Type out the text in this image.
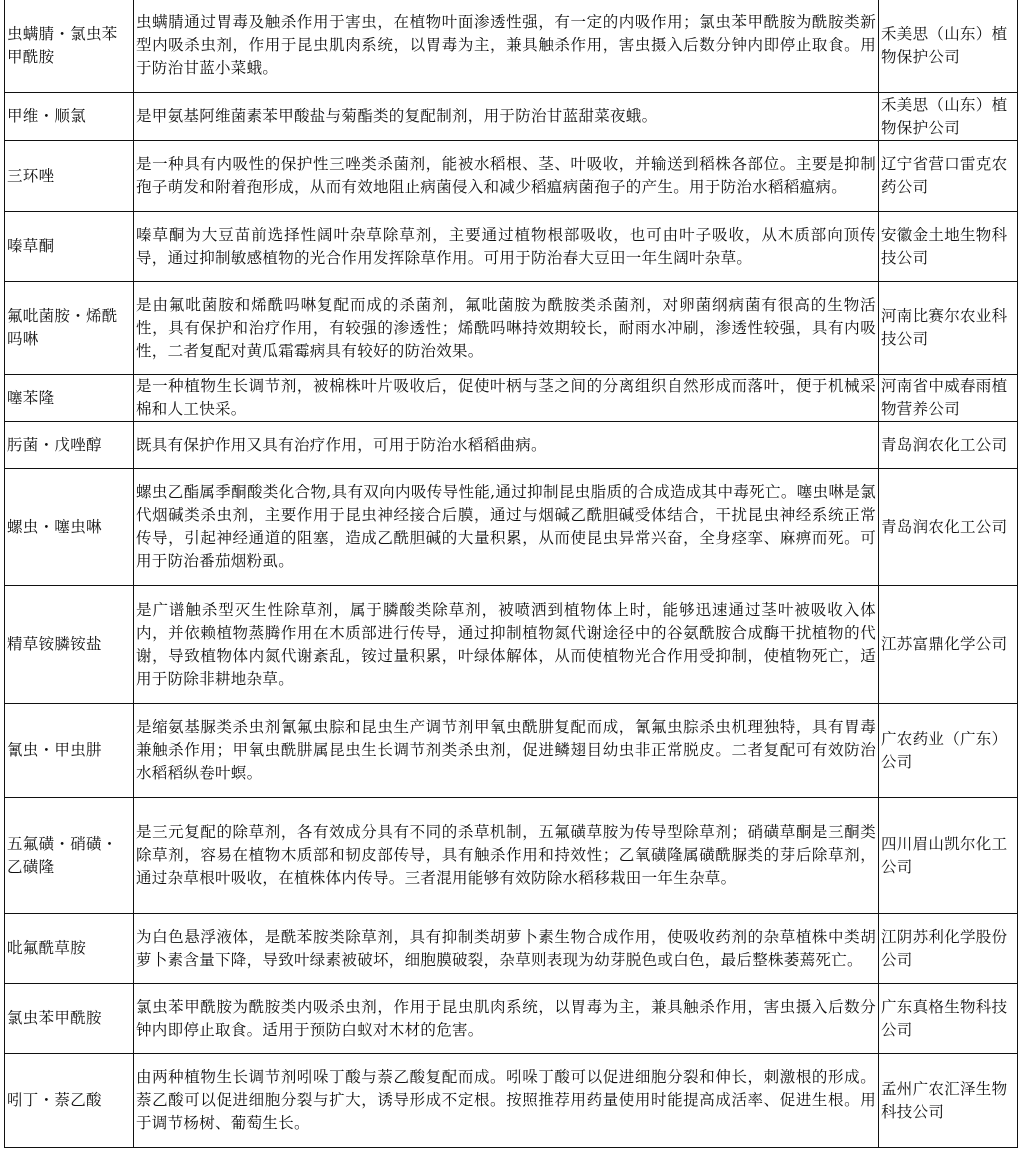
虫螨腈・氯虫苯甲酰胺	虫螨腈通过胃毒及触杀作用于害虫，在植物叶面渗透性强，有一定的内吸作用；氯虫苯甲酰胺为酰胺类新型内吸杀虫剂，作用于昆虫肌肉系统，以胃毒为主，兼具触杀作用，害虫摄入后数分钟内即停止取食。用于防治甘蓝小菜蛾。	禾美思（山东）植物保护公司
甲维・顺氯	是甲氨基阿维菌素苯甲酸盐与菊酯类的复配制剂，用于防治甘蓝甜菜夜蛾。	禾美思（山东）植物保护公司
三环唑	是一种具有内吸性的保护性三唑类杀菌剂，能被水稻根、茎、叶吸收，并输送到稻株各部位。主要是抑制孢子萌发和附着孢形成，从而有效地阻止病菌侵入和减少稻瘟病菌孢子的产生。用于防治水稻稻瘟病。	辽宁省营口雷克农药公司
嗪草酮	嗪草酮为大豆苗前选择性阔叶杂草除草剂，主要通过植物根部吸收，也可由叶子吸收，从木质部向顶传导，通过抑制敏感植物的光合作用发挥除草作用。可用于防治春大豆田一年生阔叶杂草。	安徽金土地生物科技公司
氟吡菌胺・烯酰吗啉	是由氟吡菌胺和烯酰吗啉复配而成的杀菌剂，氟吡菌胺为酰胺类杀菌剂，对卵菌纲病菌有很高的生物活性，具有保护和治疗作用，有较强的渗透性；烯酰吗啉持效期较长，耐雨水冲刷，渗透性较强，具有内吸性，二者复配对黄瓜霜霉病具有较好的防治效果。	河南比赛尔农业科技公司
噻苯隆	是一种植物生长调节剂，被棉株叶片吸收后，促使叶柄与茎之间的分离组织自然形成而落叶，便于机械采棉和人工快采。	河南省中威春雨植物营养公司
肟菌・戊唑醇	既具有保护作用又具有治疗作用，可用于防治水稻稻曲病。	青岛润农化工公司
螺虫・噻虫啉	螺虫乙酯属季酮酸类化合物,具有双向内吸传导性能,通过抑制昆虫脂质的合成造成其中毒死亡。噻虫啉是氯代烟碱类杀虫剂，主要作用于昆虫神经接合后膜，通过与烟碱乙酰胆碱受体结合，干扰昆虫神经系统正常传导，引起神经通道的阻塞，造成乙酰胆碱的大量积累，从而使昆虫异常兴奋，全身痉挛、麻痹而死。可用于防治番茄烟粉虱。	青岛润农化工公司
精草铵膦铵盐	是广谱触杀型灭生性除草剂，属于膦酸类除草剂，被喷洒到植物体上时，能够迅速通过茎叶被吸收入体内，并依赖植物蒸腾作用在木质部进行传导，通过抑制植物氮代谢途径中的谷氨酰胺合成酶干扰植物的代谢，导致植物体内氮代谢紊乱，铵过量积累，叶绿体解体，从而使植物光合作用受抑制，使植物死亡，适用于防除非耕地杂草。	江苏富鼎化学公司
氰虫・甲虫肼	是缩氨基脲类杀虫剂氰氟虫腙和昆虫生产调节剂甲氧虫酰肼复配而成，氰氟虫腙杀虫机理独特，具有胃毒兼触杀作用；甲氧虫酰肼属昆虫生长调节剂类杀虫剂，促进鳞翅目幼虫非正常脱皮。二者复配可有效防治水稻稻纵卷叶螟。	广农药业（广东）公司
五氟磺・硝磺・乙磺隆	是三元复配的除草剂，各有效成分具有不同的杀草机制，五氟磺草胺为传导型除草剂；硝磺草酮是三酮类除草剂，容易在植物木质部和韧皮部传导，具有触杀作用和持效性；乙氧磺隆属磺酰脲类的芽后除草剂，通过杂草根叶吸收，在植株体内传导。三者混用能够有效防除水稻移栽田一年生杂草。	四川眉山凯尔化工公司
吡氟酰草胺	为白色悬浮液体，是酰苯胺类除草剂，具有抑制类胡萝卜素生物合成作用，使吸收药剂的杂草植株中类胡萝卜素含量下降，导致叶绿素被破坏，细胞膜破裂，杂草则表现为幼芽脱色或白色，最后整株萎蔫死亡。	江阴苏利化学股份公司
氯虫苯甲酰胺	氯虫苯甲酰胺为酰胺类内吸杀虫剂，作用于昆虫肌肉系统，以胃毒为主，兼具触杀作用，害虫摄入后数分钟内即停止取食。适用于预防白蚁对木材的危害。	广东真格生物科技公司
吲丁・萘乙酸	由两种植物生长调节剂吲哚丁酸与萘乙酸复配而成。吲哚丁酸可以促进细胞分裂和伸长，刺激根的形成。萘乙酸可以促进细胞分裂与扩大，诱导形成不定根。按照推荐用药量使用时能提高成活率、促进生根。用于调节杨树、葡萄生长。	孟州广农汇泽生物科技公司
